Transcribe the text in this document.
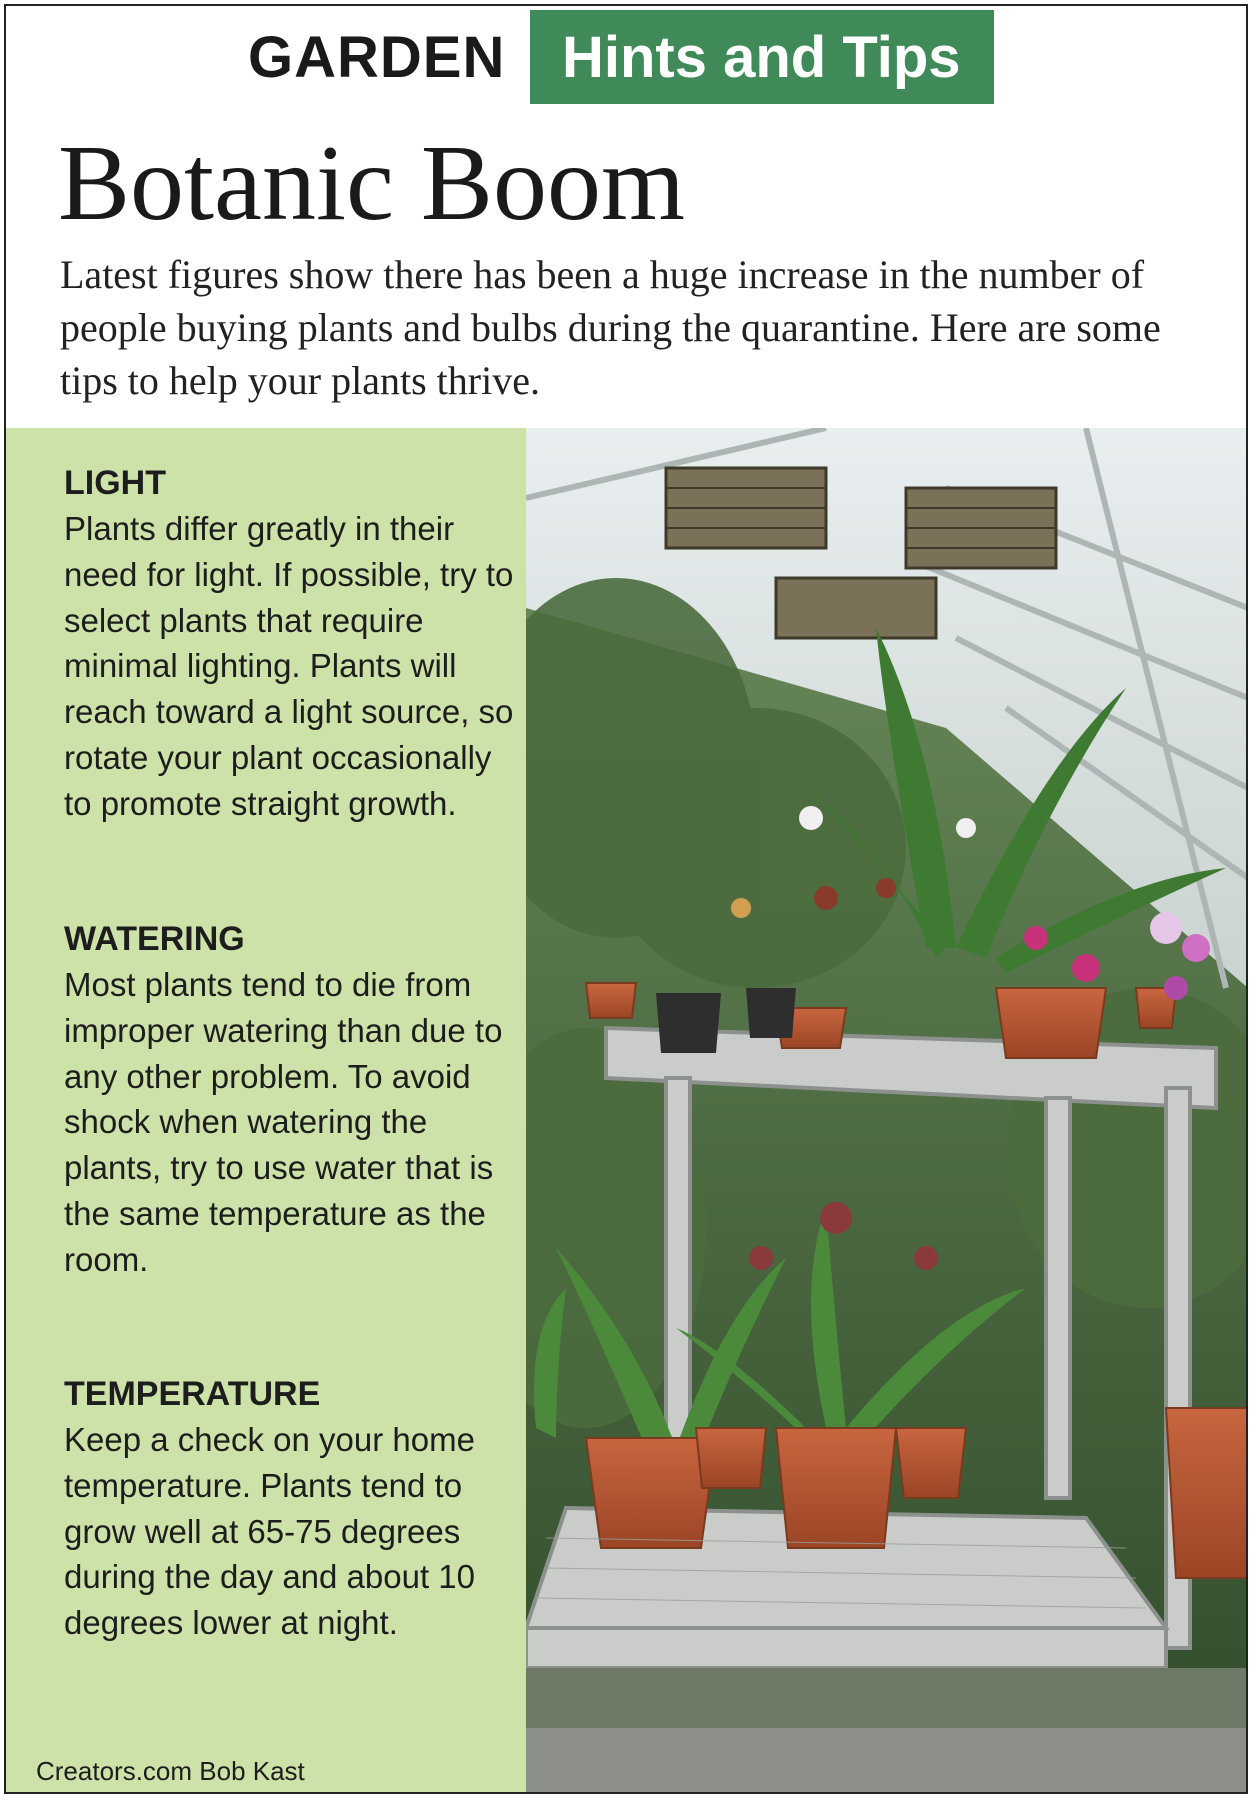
GARDEN Hints and Tips
Botanic Boom
Latest figures show there has been a huge increase in the number of people buying plants and bulbs during the quarantine. Here are some tips to help your plants thrive.
LIGHT

Plants differ greatly in their need for light. If possible, try to select plants that require minimal lighting. Plants will reach toward a light source, so rotate your plant occasionally to promote straight growth.

WATERING

Most plants tend to die from improper watering than due to any other problem. To avoid shock when watering the plants, try to use water that is the same temperature as the room.

TEMPERATURE

Keep a check on your home temperature. Plants tend to grow well at 65-75 degrees during the day and about 10 degrees lower at night.

Creators.com Bob Kast
